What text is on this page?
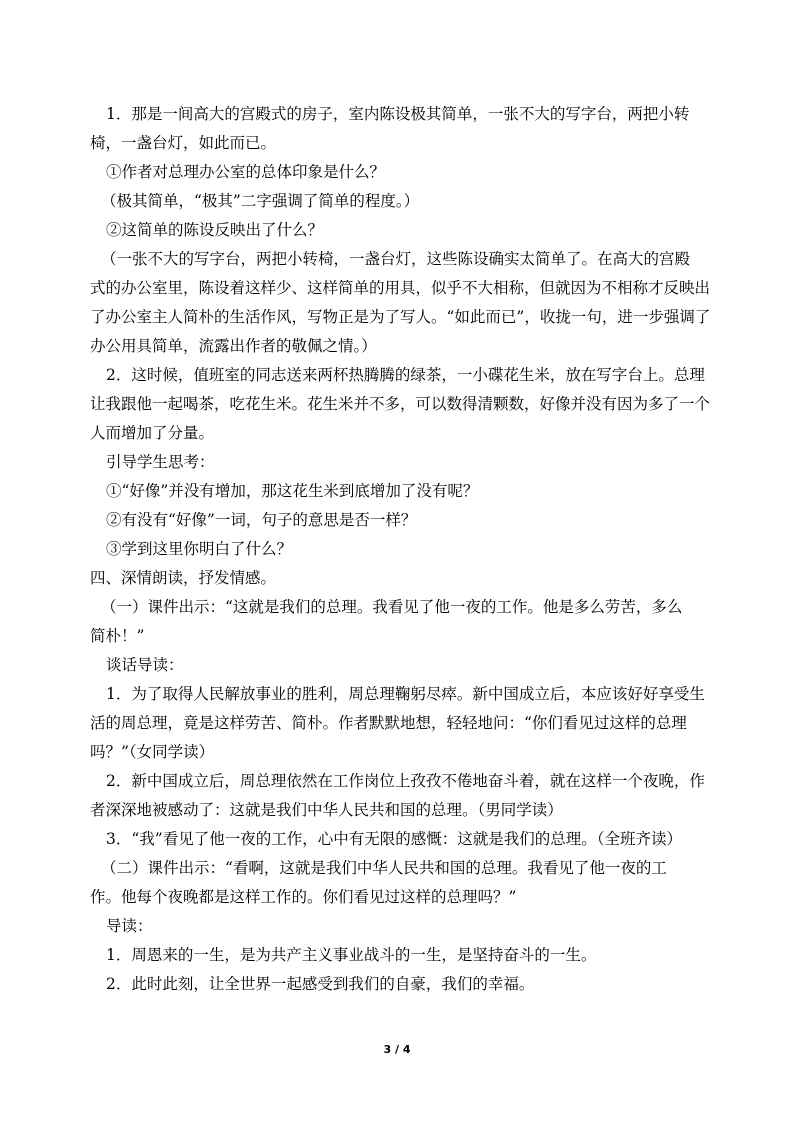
1．那是一间高大的宫殿式的房子，室内陈设极其简单，一张不大的写字台，两把小转

椅，一盏台灯，如此而已。

①作者对总理办公室的总体印象是什么？

（极其简单，“极其”二字强调了简单的程度。）

②这简单的陈设反映出了什么？

（一张不大的写字台，两把小转椅，一盏台灯，这些陈设确实太简单了。在高大的宫殿

式的办公室里，陈设着这样少、这样简单的用具，似乎不大相称，但就因为不相称才反映出

了办公室主人简朴的生活作风，写物正是为了写人。“如此而已”，收拢一句，进一步强调了

办公用具简单，流露出作者的敬佩之情。）

2．这时候，值班室的同志送来两杯热腾腾的绿茶，一小碟花生米，放在写字台上。总理

让我跟他一起喝茶，吃花生米。花生米并不多，可以数得清颗数，好像并没有因为多了一个

人而增加了分量。

引导学生思考：

①“好像”并没有增加，那这花生米到底增加了没有呢？

②有没有“好像”一词，句子的意思是否一样？

③学到这里你明白了什么？

四、深情朗读，抒发情感。

（一）课件出示：“这就是我们的总理。我看见了他一夜的工作。他是多么劳苦，多么

简朴！”

谈话导读：

1．为了取得人民解放事业的胜利，周总理鞠躬尽瘁。新中国成立后，本应该好好享受生

活的周总理，竟是这样劳苦、简朴。作者默默地想，轻轻地问：“你们看见过这样的总理

吗？”（女同学读）

2．新中国成立后，周总理依然在工作岗位上孜孜不倦地奋斗着，就在这样一个夜晚，作

者深深地被感动了：这就是我们中华人民共和国的总理。（男同学读）

3．“我”看见了他一夜的工作，心中有无限的感慨：这就是我们的总理。（全班齐读）

（二）课件出示：“看啊，这就是我们中华人民共和国的总理。我看见了他一夜的工

作。他每个夜晚都是这样工作的。你们看见过这样的总理吗？”

导读：

1．周恩来的一生，是为共产主义事业战斗的一生，是坚持奋斗的一生。

2．此时此刻，让全世界一起感受到我们的自豪，我们的幸福。

3 / 4
